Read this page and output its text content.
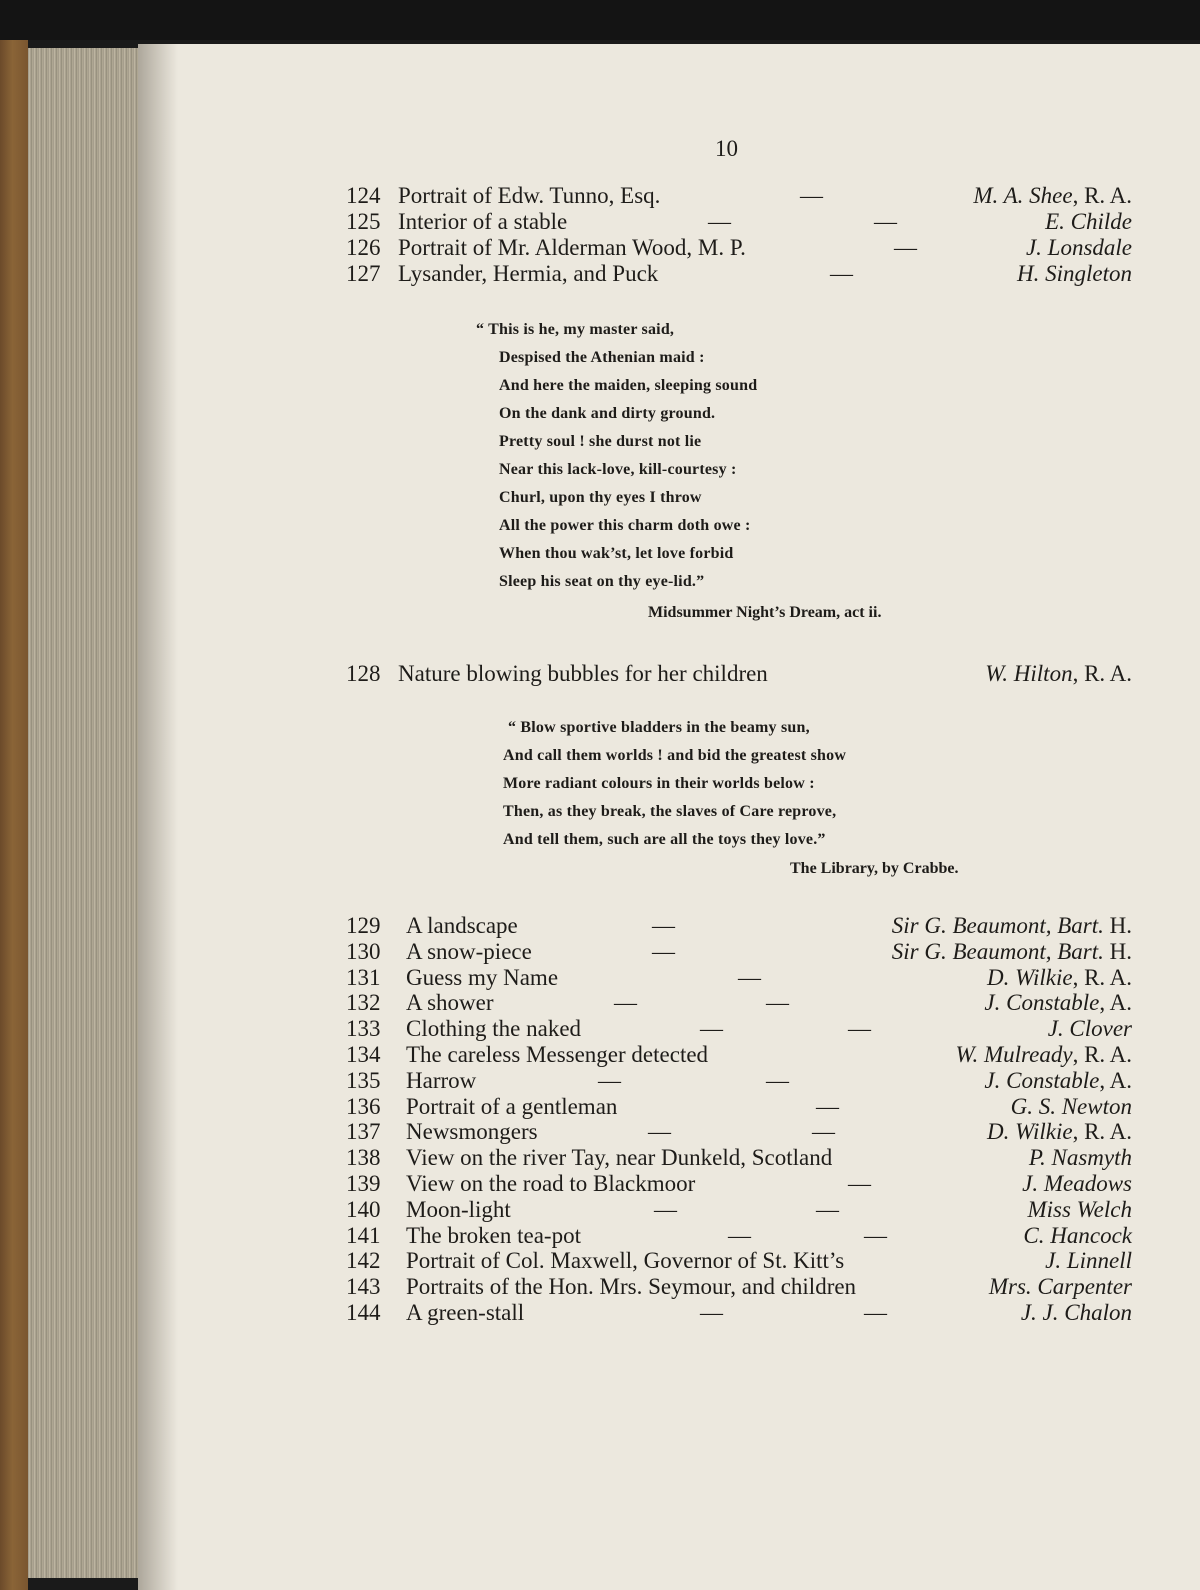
10
124 Portrait of Edw. Tunno, Esq.	—	M. A. Shee, R. A.
125 Interior of a stable	—	—	E. Childe
126 Portrait of Mr. Alderman Wood, M. P.	—	J. Lonsdale
127 Lysander, Hermia, and Puck	—	H. Singleton
“ This is he, my master said,
Despised the Athenian maid :
And here the maiden, sleeping sound
On the dank and dirty ground.
Pretty soul ! she durst not lie
Near this lack-love, kill-courtesy :
Churl, upon thy eyes I throw
All the power this charm doth owe :
When thou wak’st, let love forbid
Sleep his seat on thy eye-lid.”
Midsummer Night’s Dream, act ii.
128 Nature blowing bubbles for her children	W. Hilton, R. A.
“ Blow sportive bladders in the beamy sun,
And call them worlds ! and bid the greatest show
More radiant colours in their worlds below :
Then, as they break, the slaves of Care reprove,
And tell them, such are all the toys they love.”
The Library, by Crabbe.
129	A landscape	—	Sir G. Beaumont, Bart. H.
130	A snow-piece	—	Sir G. Beaumont, Bart. H.
131	Guess my Name	—	D. Wilkie, R. A.
132	A shower	—	—	J. Constable, A.
133	Clothing the naked	—	—	J. Clover
134	The careless Messenger detected	W. Mulready, R. A.
135	Harrow	—	—	J. Constable, A.
136	Portrait of a gentleman	—	G. S. Newton
137	Newsmongers	—	—	D. Wilkie, R. A.
138	View on the river Tay, near Dunkeld, Scotland	P. Nasmyth
139	View on the road to Blackmoor	—	J. Meadows
140	Moon-light	—	—	Miss Welch
141	The broken tea-pot	—	—	C. Hancock
142	Portrait of Col. Maxwell, Governor of St. Kitt’s	J. Linnell
143	Portraits of the Hon. Mrs. Seymour, and children	Mrs. Carpenter
144	A green-stall	—	—	J. J. Chalon
